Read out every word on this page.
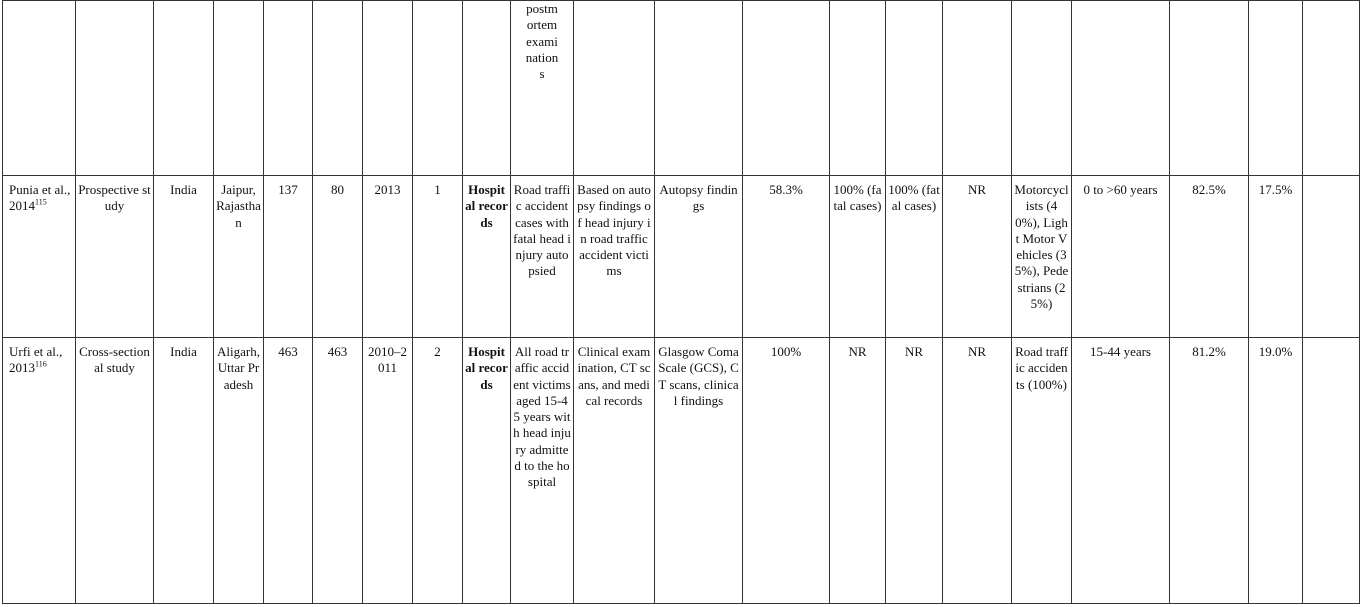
									postm
ortem
exami
nation
s											

Punia et al., 2014$^{115}$	Prospective study	India	Jaipur, Rajasthan	137	80	2013	1	Hospital records	Road traffic accident cases with fatal head injury autopsied	Based on autopsy findings of head injury in road traffic accident victims	Autopsy findings	58.3%	100% (fatal cases)	100% (fatal cases)	NR	Motorcyclists (40%), Light Motor Vehicles (35%), Pedestrians (25%)	0 to >60 years	82.5%	17.5%	
Urfi et al., 2013$^{116}$	Cross-sectional study	India	Aligarh, Uttar Pradesh	463	463	2010–2011	2	Hospital records	All road traffic accident victims aged 15-45 years with head injury admitted to the hospital	Clinical examination, CT scans, and medical records	Glasgow Coma Scale (GCS), CT scans, clinical findings	100%	NR	NR	NR	Road traffic accidents (100%)	15-44 years	81.2%	19.0%	
